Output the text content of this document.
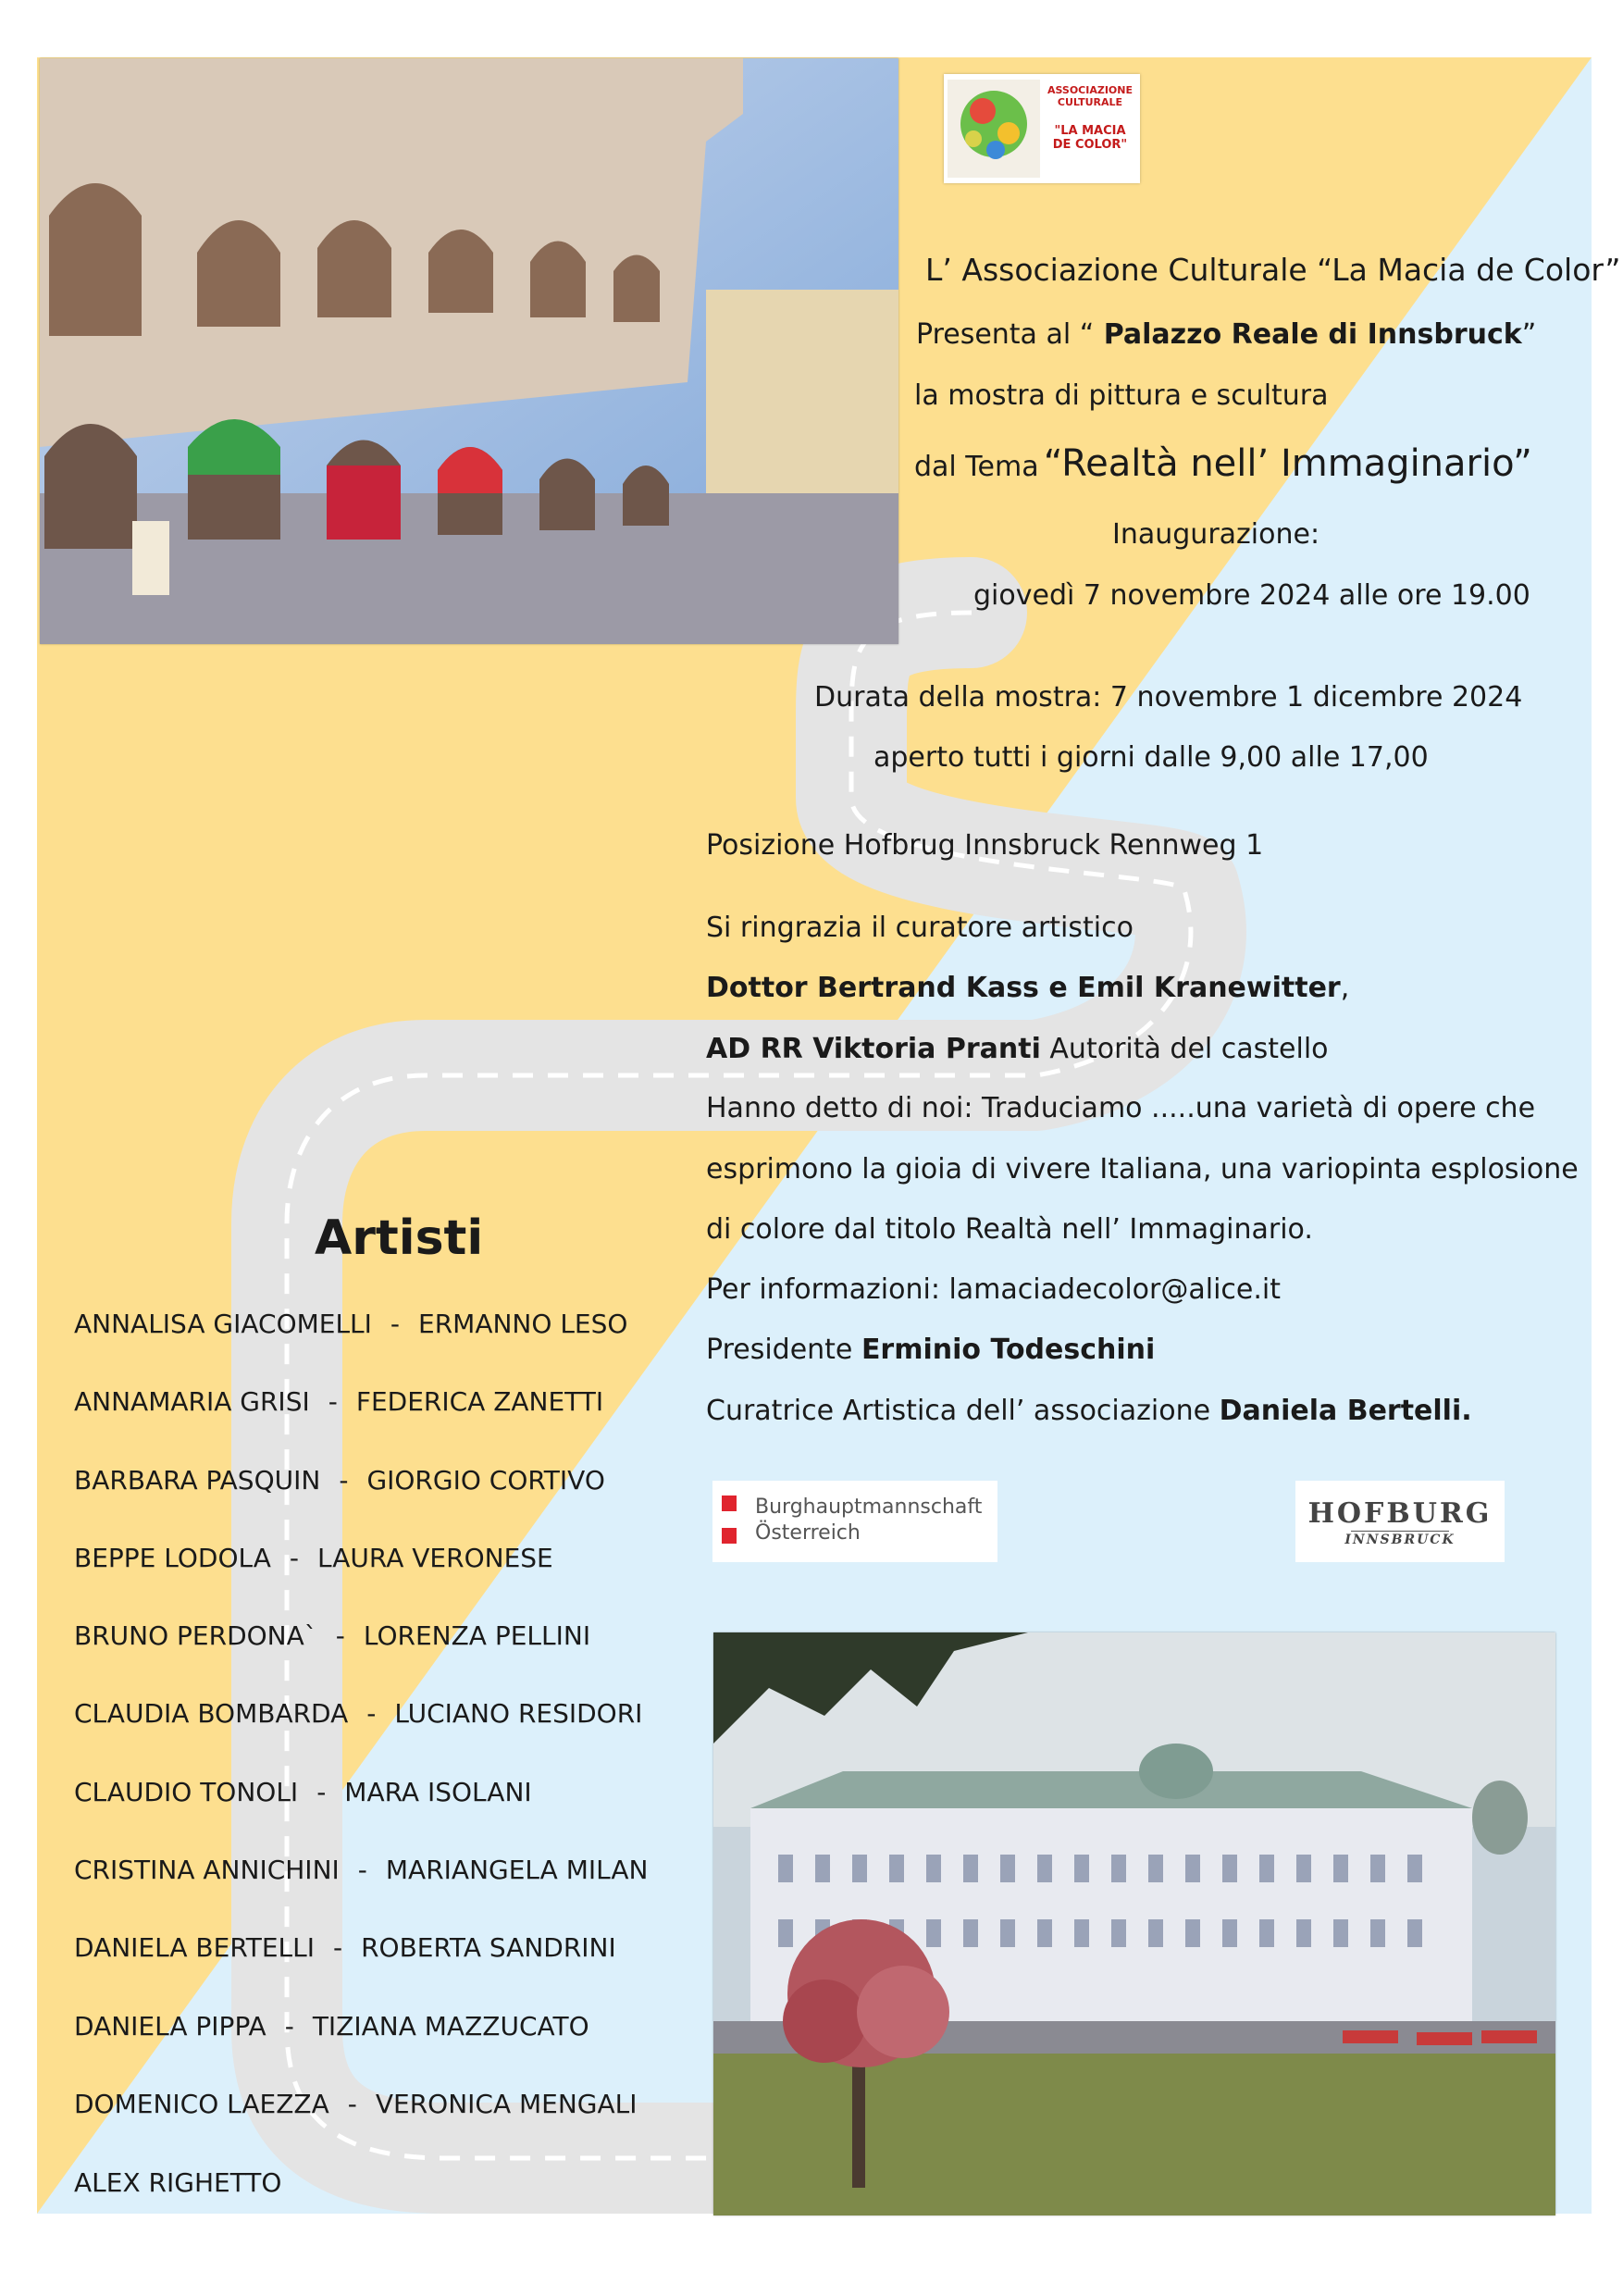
ASSOCIAZIONE
CULTURALE
"LA MACIA
DE COLOR"
L’ Associazione Culturale “La Macia de Color”
Presenta al “ Palazzo Reale di Innsbruck”
la mostra di pittura e scultura
dal Tema “Realtà nell’ Immaginario”
Inaugurazione:
giovedì 7 novembre 2024 alle ore 19.00
Durata della mostra: 7 novembre 1 dicembre 2024
aperto tutti i giorni dalle 9,00 alle 17,00
Posizione Hofbrug Innsbruck Rennweg 1
Si ringrazia il curatore artistico
Dottor Bertrand Kass e Emil Kranewitter,
AD RR Viktoria Pranti Autorità del castello
Hanno detto di noi: Traduciamo .....una varietà di opere che
esprimono la gioia di vivere Italiana, una variopinta esplosione
di colore dal titolo Realtà nell’ Immaginario.
Per informazioni: lamaciadecolor@alice.it
Presidente Erminio Todeschini
Curatrice Artistica dell’ associazione Daniela Bertelli.
Burghauptmannschaft
Österreich
HOFBURG
INNSBRUCK
Artisti
ANNALISA GIACOMELLI - ERMANNO LESO
ANNAMARIA GRISI - FEDERICA ZANETTI
BARBARA PASQUIN - GIORGIO CORTIVO
BEPPE LODOLA - LAURA VERONESE
BRUNO PERDONA` - LORENZA PELLINI
CLAUDIA BOMBARDA - LUCIANO RESIDORI
CLAUDIO TONOLI - MARA ISOLANI
CRISTINA ANNICHINI - MARIANGELA MILAN
DANIELA BERTELLI - ROBERTA SANDRINI
DANIELA PIPPA - TIZIANA MAZZUCATO
DOMENICO LAEZZA - VERONICA MENGALI
ALEX RIGHETTO
